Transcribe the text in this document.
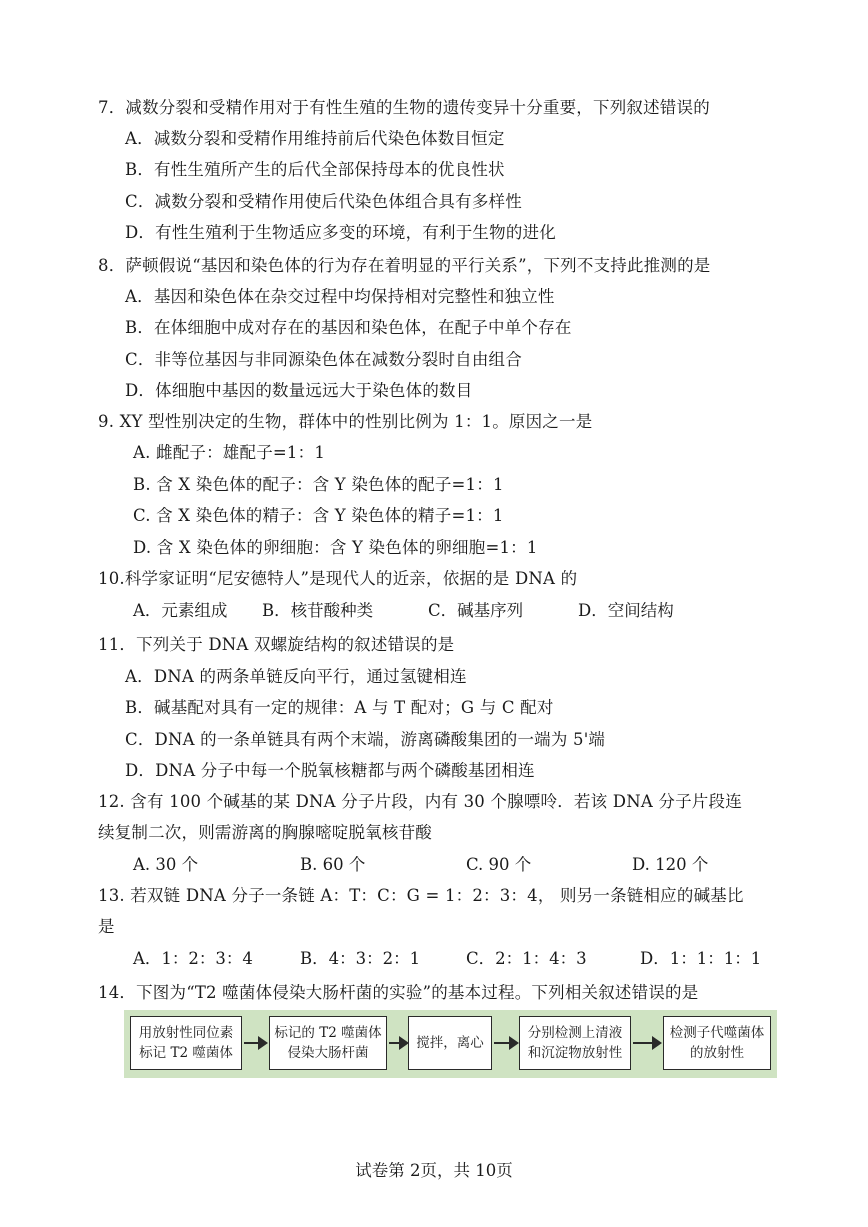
7．减数分裂和受精作用对于有性生殖的生物的遗传变异十分重要，下列叙述错误的
A．减数分裂和受精作用维持前后代染色体数目恒定
B．有性生殖所产生的后代全部保持母本的优良性状
C．减数分裂和受精作用使后代染色体组合具有多样性
D．有性生殖利于生物适应多变的环境，有利于生物的进化
8．萨顿假说“基因和染色体的行为存在着明显的平行关系”，下列不支持此推测的是
A．基因和染色体在杂交过程中均保持相对完整性和独立性
B．在体细胞中成对存在的基因和染色体，在配子中单个存在
C．非等位基因与非同源染色体在减数分裂时自由组合
D．体细胞中基因的数量远远大于染色体的数目
9. XY 型性别决定的生物，群体中的性别比例为 1：1。原因之一是
A. 雌配子：雄配子=1：1
B. 含 X 染色体的配子：含 Y 染色体的配子=1：1
C. 含 X 染色体的精子：含 Y 染色体的精子=1：1
D. 含 X 染色体的卵细胞：含 Y 染色体的卵细胞=1：1
10.科学家证明“尼安德特人”是现代人的近亲，依据的是 DNA 的
A．元素组成 B．核苷酸种类	C．碱基序列	D．空间结构
11．下列关于 DNA 双螺旋结构的叙述错误的是
A．DNA 的两条单链反向平行，通过氢键相连
B．碱基配对具有一定的规律：A 与 T 配对；G 与 C 配对
C．DNA 的一条单链具有两个末端，游离磷酸集团的一端为 5'端
D．DNA 分子中每一个脱氧核糖都与两个磷酸基团相连
12. 含有 100 个碱基的某 DNA 分子片段，内有 30 个腺嘌呤．若该 DNA 分子片段连
续复制二次，则需游离的胸腺嘧啶脱氧核苷酸
A. 30 个	B. 60 个	C. 90 个	D. 120 个
13. 若双链 DNA 分子一条链 A：T：C：G = 1：2：3：4， 则另一条链相应的碱基比
是
A．1：2：3：4	B．4：3：2：1	C．2：1：4：3	D．1：1：1：1
14．下图为“T2 噬菌体侵染大肠杆菌的实验”的基本过程。下列相关叙述错误的是
用放射性同位素
标记 T2 噬菌体
标记的 T2 噬菌体
侵染大肠杆菌
搅拌，离心
分别检测上清液
和沉淀物放射性
检测子代噬菌体
的放射性
试卷第 2页，共 10页
